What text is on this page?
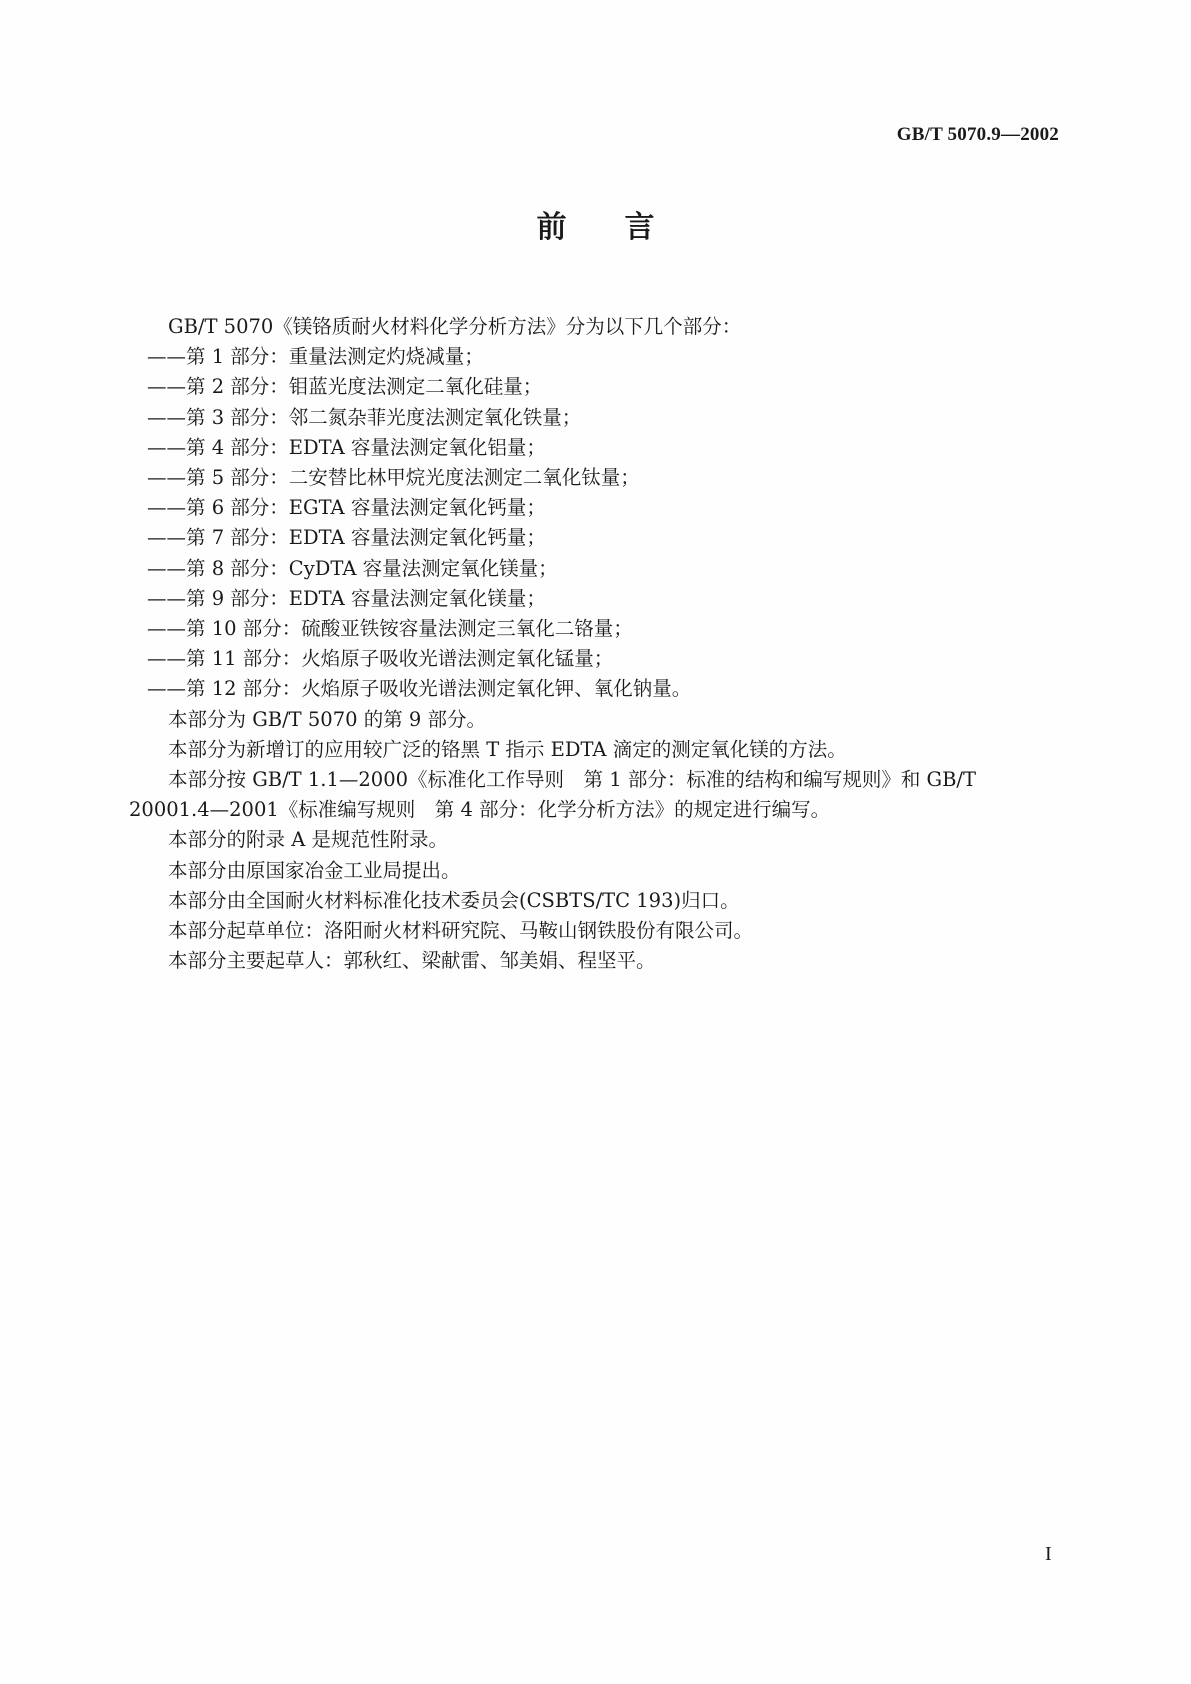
GB/T 5070.9—2002
前言
GB/T 5070《镁铬质耐火材料化学分析方法》分为以下几个部分：
——第 1 部分：重量法测定灼烧减量；
——第 2 部分：钼蓝光度法测定二氧化硅量；
——第 3 部分：邻二氮杂菲光度法测定氧化铁量；
——第 4 部分：EDTA 容量法测定氧化铝量；
——第 5 部分：二安替比林甲烷光度法测定二氧化钛量；
——第 6 部分：EGTA 容量法测定氧化钙量；
——第 7 部分：EDTA 容量法测定氧化钙量；
——第 8 部分：CyDTA 容量法测定氧化镁量；
——第 9 部分：EDTA 容量法测定氧化镁量；
——第 10 部分：硫酸亚铁铵容量法测定三氧化二铬量；
——第 11 部分：火焰原子吸收光谱法测定氧化锰量；
——第 12 部分：火焰原子吸收光谱法测定氧化钾、氧化钠量。
本部分为 GB/T 5070 的第 9 部分。
本部分为新增订的应用较广泛的铬黑 T 指示 EDTA 滴定的测定氧化镁的方法。
本部分按 GB/T 1.1—2000《标准化工作导则　第 1 部分：标准的结构和编写规则》和 GB/T 20001.4—2001《标准编写规则　第 4 部分：化学分析方法》的规定进行编写。
本部分的附录 A 是规范性附录。
本部分由原国家冶金工业局提出。
本部分由全国耐火材料标准化技术委员会(CSBTS/TC 193)归口。
本部分起草单位：洛阳耐火材料研究院、马鞍山钢铁股份有限公司。
本部分主要起草人：郭秋红、梁献雷、邹美娟、程坚平。
I
